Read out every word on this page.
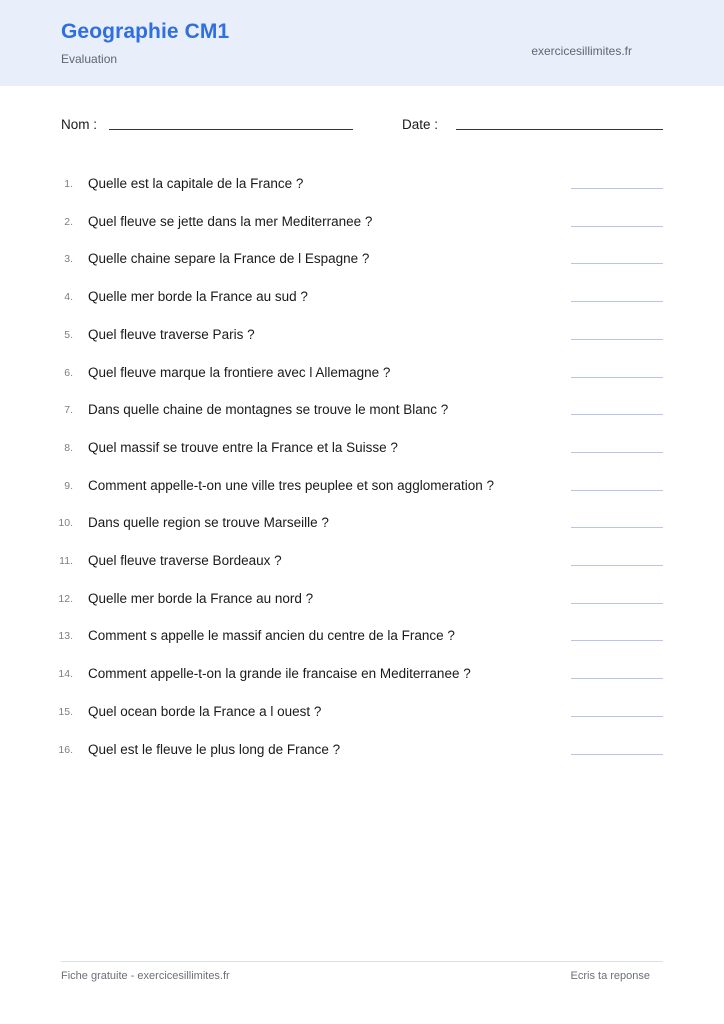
Geographie CM1
Evaluation
exercicesillimites.fr
Nom :	Date :
1. Quelle est la capitale de la France ?
2. Quel fleuve se jette dans la mer Mediterranee ?
3. Quelle chaine separe la France de l Espagne ?
4. Quelle mer borde la France au sud ?
5. Quel fleuve traverse Paris ?
6. Quel fleuve marque la frontiere avec l Allemagne ?
7. Dans quelle chaine de montagnes se trouve le mont Blanc ?
8. Quel massif se trouve entre la France et la Suisse ?
9. Comment appelle-t-on une ville tres peuplee et son agglomeration ?
10. Dans quelle region se trouve Marseille ?
11. Quel fleuve traverse Bordeaux ?
12. Quelle mer borde la France au nord ?
13. Comment s appelle le massif ancien du centre de la France ?
14. Comment appelle-t-on la grande ile francaise en Mediterranee ?
15. Quel ocean borde la France a l ouest ?
16. Quel est le fleuve le plus long de France ?
Fiche gratuite - exercicesillimites.fr	Ecris ta reponse
